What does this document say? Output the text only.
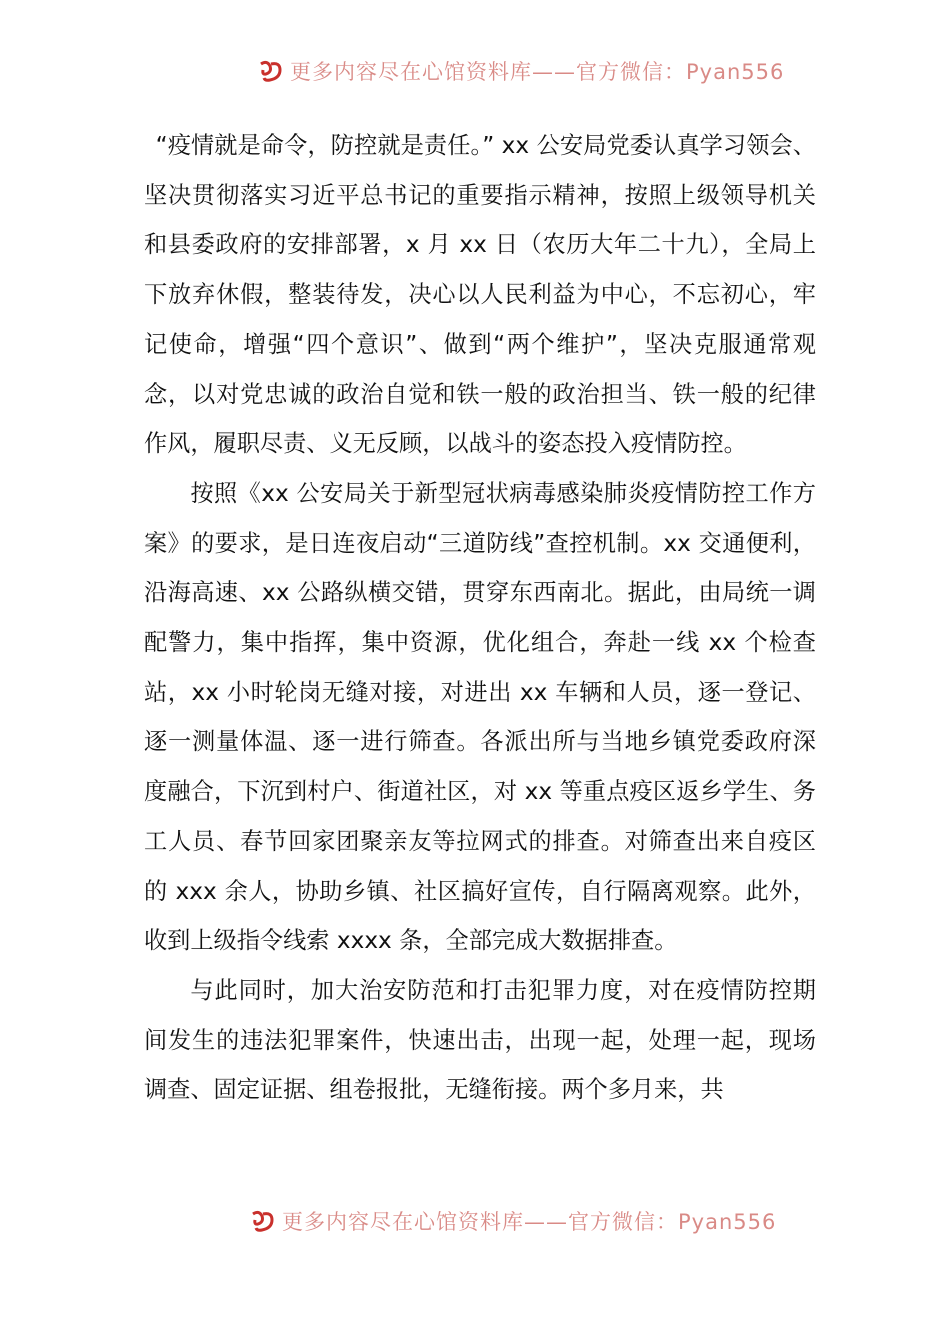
更多内容尽在心馆资料库——官方微信：Pyan556

“疫情就是命令，防控就是责任。” xx 公安局党委认真学习领会、坚决贯彻落实习近平总书记的重要指示精神，按照上级领导机关和县委政府的安排部署，x 月 xx 日（农历大年二十九），全局上下放弃休假，整装待发，决心以人民利益为中心，不忘初心，牢记使命，增强“四个意识”、做到“两个维护”，坚决克服通常观念，以对党忠诚的政治自觉和铁一般的政治担当、铁一般的纪律作风，履职尽责、义无反顾，以战斗的姿态投入疫情防控。

按照《xx 公安局关于新型冠状病毒感染肺炎疫情防控工作方案》的要求，是日连夜启动“三道防线”查控机制。xx 交通便利，沿海高速、xx 公路纵横交错，贯穿东西南北。据此，由局统一调配警力，集中指挥，集中资源，优化组合，奔赴一线 xx 个检查站，xx 小时轮岗无缝对接，对进出 xx 车辆和人员，逐一登记、逐一测量体温、逐一进行筛查。各派出所与当地乡镇党委政府深度融合，下沉到村户、街道社区，对 xx 等重点疫区返乡学生、务工人员、春节回家团聚亲友等拉网式的排查。对筛查出来自疫区的 xxx 余人，协助乡镇、社区搞好宣传，自行隔离观察。此外，收到上级指令线索 xxxx 条，全部完成大数据排查。

与此同时，加大治安防范和打击犯罪力度，对在疫情防控期间发生的违法犯罪案件，快速出击，出现一起，处理一起，现场调查、固定证据、组卷报批，无缝衔接。两个多月来，共

更多内容尽在心馆资料库——官方微信：Pyan556
